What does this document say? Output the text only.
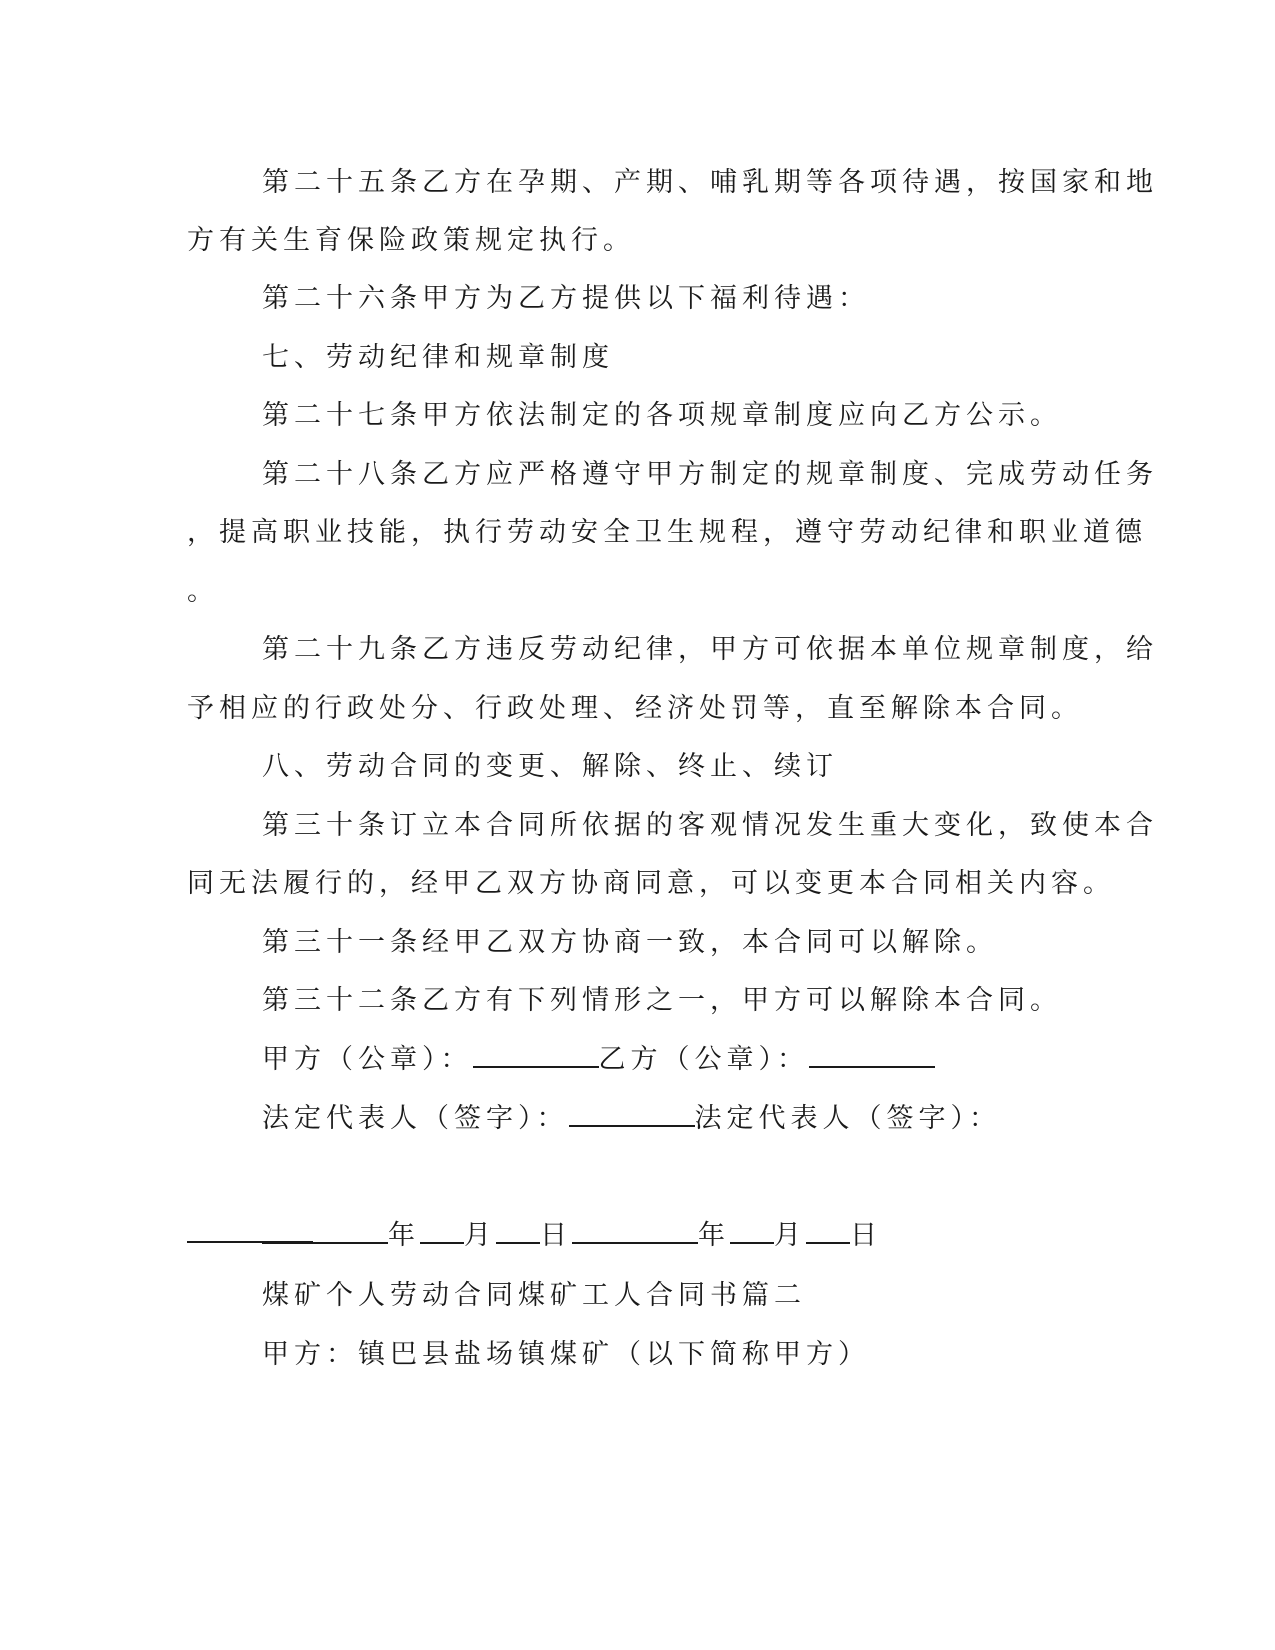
第二十五条乙方在孕期、产期、哺乳期等各项待遇，按国家和地
方有关生育保险政策规定执行。
第二十六条甲方为乙方提供以下福利待遇：
七、劳动纪律和规章制度
第二十七条甲方依法制定的各项规章制度应向乙方公示。
第二十八条乙方应严格遵守甲方制定的规章制度、完成劳动任务
，提高职业技能，执行劳动安全卫生规程，遵守劳动纪律和职业道德
。
第二十九条乙方违反劳动纪律，甲方可依据本单位规章制度，给
予相应的行政处分、行政处理、经济处罚等，直至解除本合同。
八、劳动合同的变更、解除、终止、续订
第三十条订立本合同所依据的客观情况发生重大变化，致使本合
同无法履行的，经甲乙双方协商同意，可以变更本合同相关内容。
第三十一条经甲乙双方协商一致，本合同可以解除。
第三十二条乙方有下列情形之一，甲方可以解除本合同。
甲方（公章）：	乙方（公章）：
法定代表人（签字）：	法定代表人（签字）：
年 月 日	年 月 日
煤矿个人劳动合同煤矿工人合同书篇二
甲方：镇巴县盐场镇煤矿（以下简称甲方）
